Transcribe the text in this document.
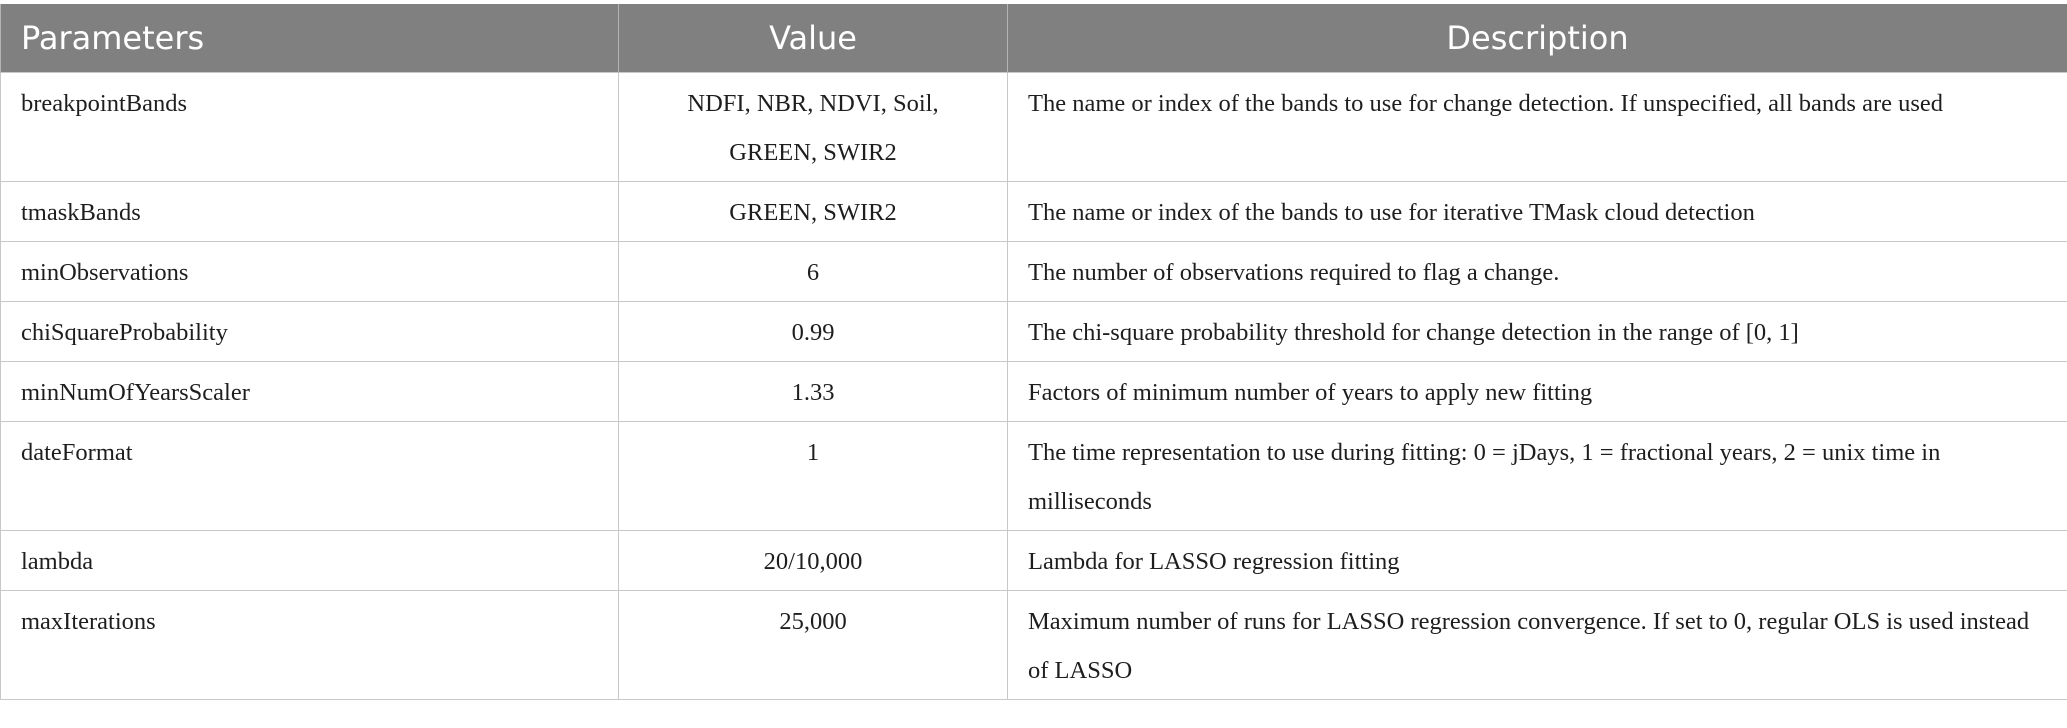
Parameters	Value	Description
breakpointBands	NDFI, NBR, NDVI, Soil, GREEN, SWIR2	The name or index of the bands to use for change detection. If unspecified, all bands are used
tmaskBands	GREEN, SWIR2	The name or index of the bands to use for iterative TMask cloud detection
minObservations	6	The number of observations required to flag a change.
chiSquareProbability	0.99	The chi-square probability threshold for change detection in the range of [0, 1]
minNumOfYearsScaler	1.33	Factors of minimum number of years to apply new fitting
dateFormat	1	The time representation to use during fitting: 0 = jDays, 1 = fractional years, 2 = unix time in milliseconds
lambda	20/10,000	Lambda for LASSO regression fitting
maxIterations	25,000	Maximum number of runs for LASSO regression convergence. If set to 0, regular OLS is used instead of LASSO
